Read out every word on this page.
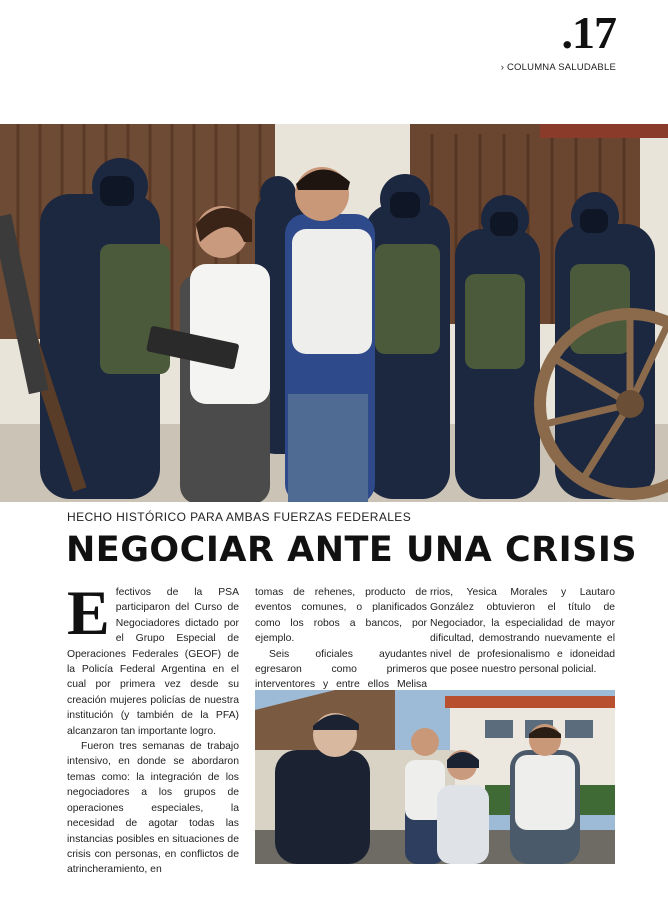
.17
› COLUMNA SALUDABLE
HECHO HISTÓRICO PARA AMBAS FUERZAS FEDERALES
NEGOCIAR ANTE UNA CRISIS

Efectivos de la PSA participaron del Curso de Negociadores dictado por el Grupo Especial de Operaciones Federales (GEOF) de la Policía Federal Argentina en el cual por primera vez desde su creación mujeres policías de nuestra institución (y también de la PFA) alcanzaron tan importante logro.

Fueron tres semanas de trabajo intensivo, en donde se abordaron temas como: la integración de los negociadores a los grupos de operaciones especiales, la necesidad de agotar todas las instancias posibles en situaciones de crisis con personas, en conflictos de atrincheramiento, en

tomas de rehenes, producto de eventos comunes, o planificados como los robos a bancos, por ejemplo.

Seis oficiales ayudantes egresaron como primeros interventores y entre ellos Melisa

rrios, Yesica Morales y Lautaro González obtuvieron el título de Negociador, la especialidad de mayor dificultad, demostrando nuevamente el nivel de profesionalismo e idoneidad que posee nuestro personal policial.
